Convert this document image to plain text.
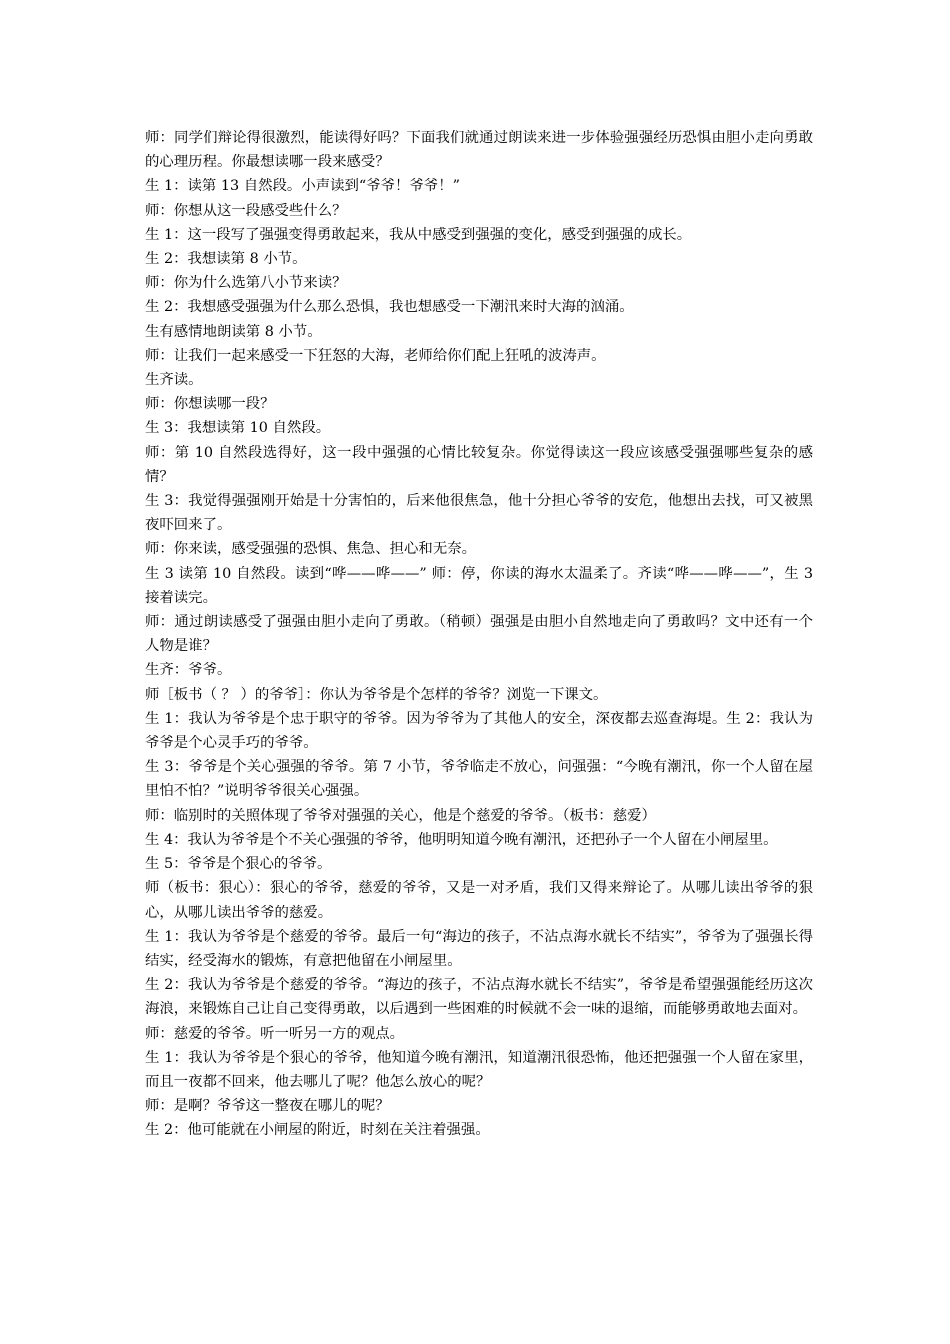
师：同学们辩论得很激烈，能读得好吗？下面我们就通过朗读来进一步体验强强经历恐惧由胆小走向勇敢的心理历程。你最想读哪一段来感受？

生 1：读第 13 自然段。小声读到“爷爷！爷爷！”

师：你想从这一段感受些什么？

生 1：这一段写了强强变得勇敢起来，我从中感受到强强的变化，感受到强强的成长。

生 2：我想读第 8 小节。

师：你为什么选第八小节来读？

生 2：我想感受强强为什么那么恐惧，我也想感受一下潮汛来时大海的汹涌。

生有感情地朗读第 8 小节。

师：让我们一起来感受一下狂怒的大海，老师给你们配上狂吼的波涛声。

生齐读。

师：你想读哪一段？

生 3：我想读第 10 自然段。

师：第 10 自然段选得好，这一段中强强的心情比较复杂。你觉得读这一段应该感受强强哪些复杂的感情？

生 3：我觉得强强刚开始是十分害怕的，后来他很焦急，他十分担心爷爷的安危，他想出去找，可又被黑夜吓回来了。

师：你来读，感受强强的恐惧、焦急、担心和无奈。

生 3 读第 10 自然段。读到“哗——哗——” 师：停，你读的海水太温柔了。齐读“哗——哗——”，生 3 接着读完。

师：通过朗读感受了强强由胆小走向了勇敢。（稍顿）强强是由胆小自然地走向了勇敢吗？文中还有一个人物是谁？

生齐：爷爷。

师［板书（ ？ ）的爷爷］：你认为爷爷是个怎样的爷爷？浏览一下课文。

生 1：我认为爷爷是个忠于职守的爷爷。因为爷爷为了其他人的安全，深夜都去巡查海堤。生 2：我认为爷爷是个心灵手巧的爷爷。

生 3：爷爷是个关心强强的爷爷。第 7 小节，爷爷临走不放心，问强强：“今晚有潮汛，你一个人留在屋里怕不怕？”说明爷爷很关心强强。

师：临别时的关照体现了爷爷对强强的关心，他是个慈爱的爷爷。（板书：慈爱）

生 4：我认为爷爷是个不关心强强的爷爷，他明明知道今晚有潮汛，还把孙子一个人留在小闸屋里。

生 5：爷爷是个狠心的爷爷。

师（板书：狠心）：狠心的爷爷，慈爱的爷爷，又是一对矛盾，我们又得来辩论了。从哪儿读出爷爷的狠心，从哪儿读出爷爷的慈爱。

生 1：我认为爷爷是个慈爱的爷爷。最后一句“海边的孩子，不沾点海水就长不结实”，爷爷为了强强长得结实，经受海水的锻炼，有意把他留在小闸屋里。

生 2：我认为爷爷是个慈爱的爷爷。“海边的孩子，不沾点海水就长不结实”，爷爷是希望强强能经历这次海浪，来锻炼自己让自己变得勇敢，以后遇到一些困难的时候就不会一味的退缩，而能够勇敢地去面对。

师：慈爱的爷爷。听一听另一方的观点。

生 1：我认为爷爷是个狠心的爷爷，他知道今晚有潮汛，知道潮汛很恐怖，他还把强强一个人留在家里，而且一夜都不回来，他去哪儿了呢？他怎么放心的呢？

师：是啊？爷爷这一整夜在哪儿的呢？

生 2：他可能就在小闸屋的附近，时刻在关注着强强。
